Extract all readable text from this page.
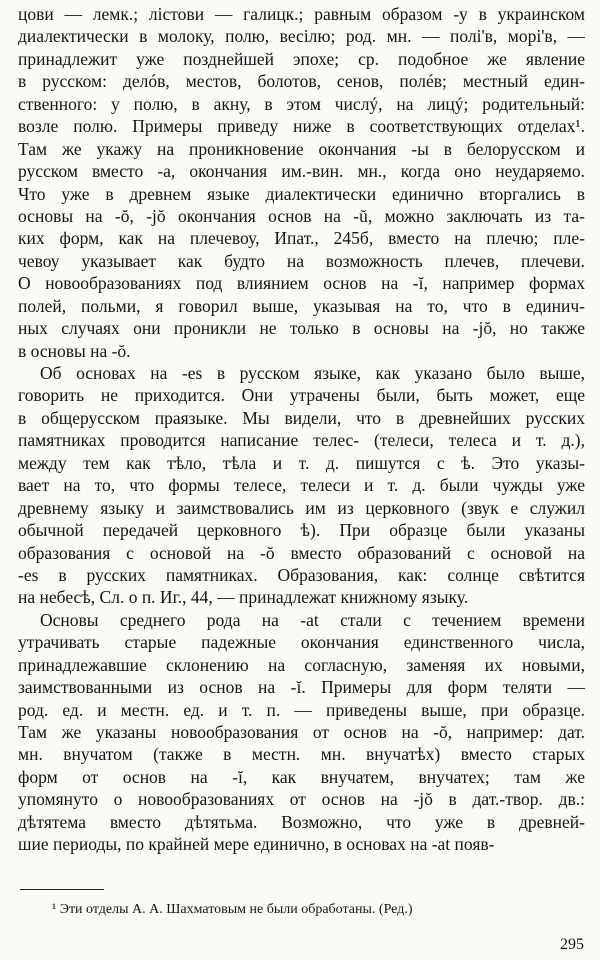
цови — лемк.; лістови — галицк.; равным образом -у в украинском
диалектически в молоку, полю, весілю; род. мн. — полі'в, морі'в, —
принадлежит уже позднейшей эпохе; ср. подобное же явление
в русском: делóв, местов, болотов, сенов, полéв; местный един-
ственного: у полю, в акну, в этом числý, на лицý; родительный:
возле полю. Примеры приведу ниже в соответствующих отделах¹.
Там же укажу на проникновение окончания -ы в белорусском и
русском вместо -а, окончания им.-вин. мн., когда оно неударяемо.
Что уже в древнем языке диалектически единично вторгались в
основы на -ŏ, -jŏ окончания основ на -ŭ, можно заключать из та-
ких форм, как на плечевоу, Ипат., 245б, вместо на плечю; пле-
чевоу указывает как будто на возможность плечев, плечеви.
О новообразованиях под влиянием основ на -ĭ, например формах
полей, польми, я говорил выше, указывая на то, что в единич-
ных случаях они проникли не только в основы на -jŏ, но также
в основы на -ŏ.
Об основах на -es в русском языке, как указано было выше,
говорить не приходится. Они утрачены были, быть может, еще
в общерусском праязыке. Мы видели, что в древнейших русских
памятниках проводится написание телес- (телеси, телеса и т. д.),
между тем как тѣло, тѣла и т. д. пишутся с ѣ. Это указы-
вает на то, что формы телесе, телеси и т. д. были чужды уже
древнему языку и заимствовались им из церковного (звук е служил
обычной передачей церковного ѣ). При образце были указаны
образования с основой на -ŏ вместо образований с основой на
-es в русских памятниках. Образования, как: солнце свѣтится
на небесѣ, Сл. о п. Иг., 44, — принадлежат книжному языку.
Основы среднего рода на -at стали с течением времени
утрачивать старые падежные окончания единственного числа,
принадлежавшие склонению на согласную, заменяя их новыми,
заимствованными из основ на -ĭ. Примеры для форм теляти —
род. ед. и местн. ед. и т. п. — приведены выше, при образце.
Там же указаны новообразования от основ на -ŏ, например: дат.
мн. внучатом (также в местн. мн. внучатѣх) вместо старых
форм от основ на -ĭ, как внучатем, внучатех; там же
упомянуто о новообразованиях от основ на -jŏ в дат.-твор. дв.:
дѣтятема вместо дѣтятьма. Возможно, что уже в древней-
шие периоды, по крайней мере единично, в основах на -at появ-
¹ Эти отделы А. А. Шахматовым не были обработаны. (Ред.)
295
